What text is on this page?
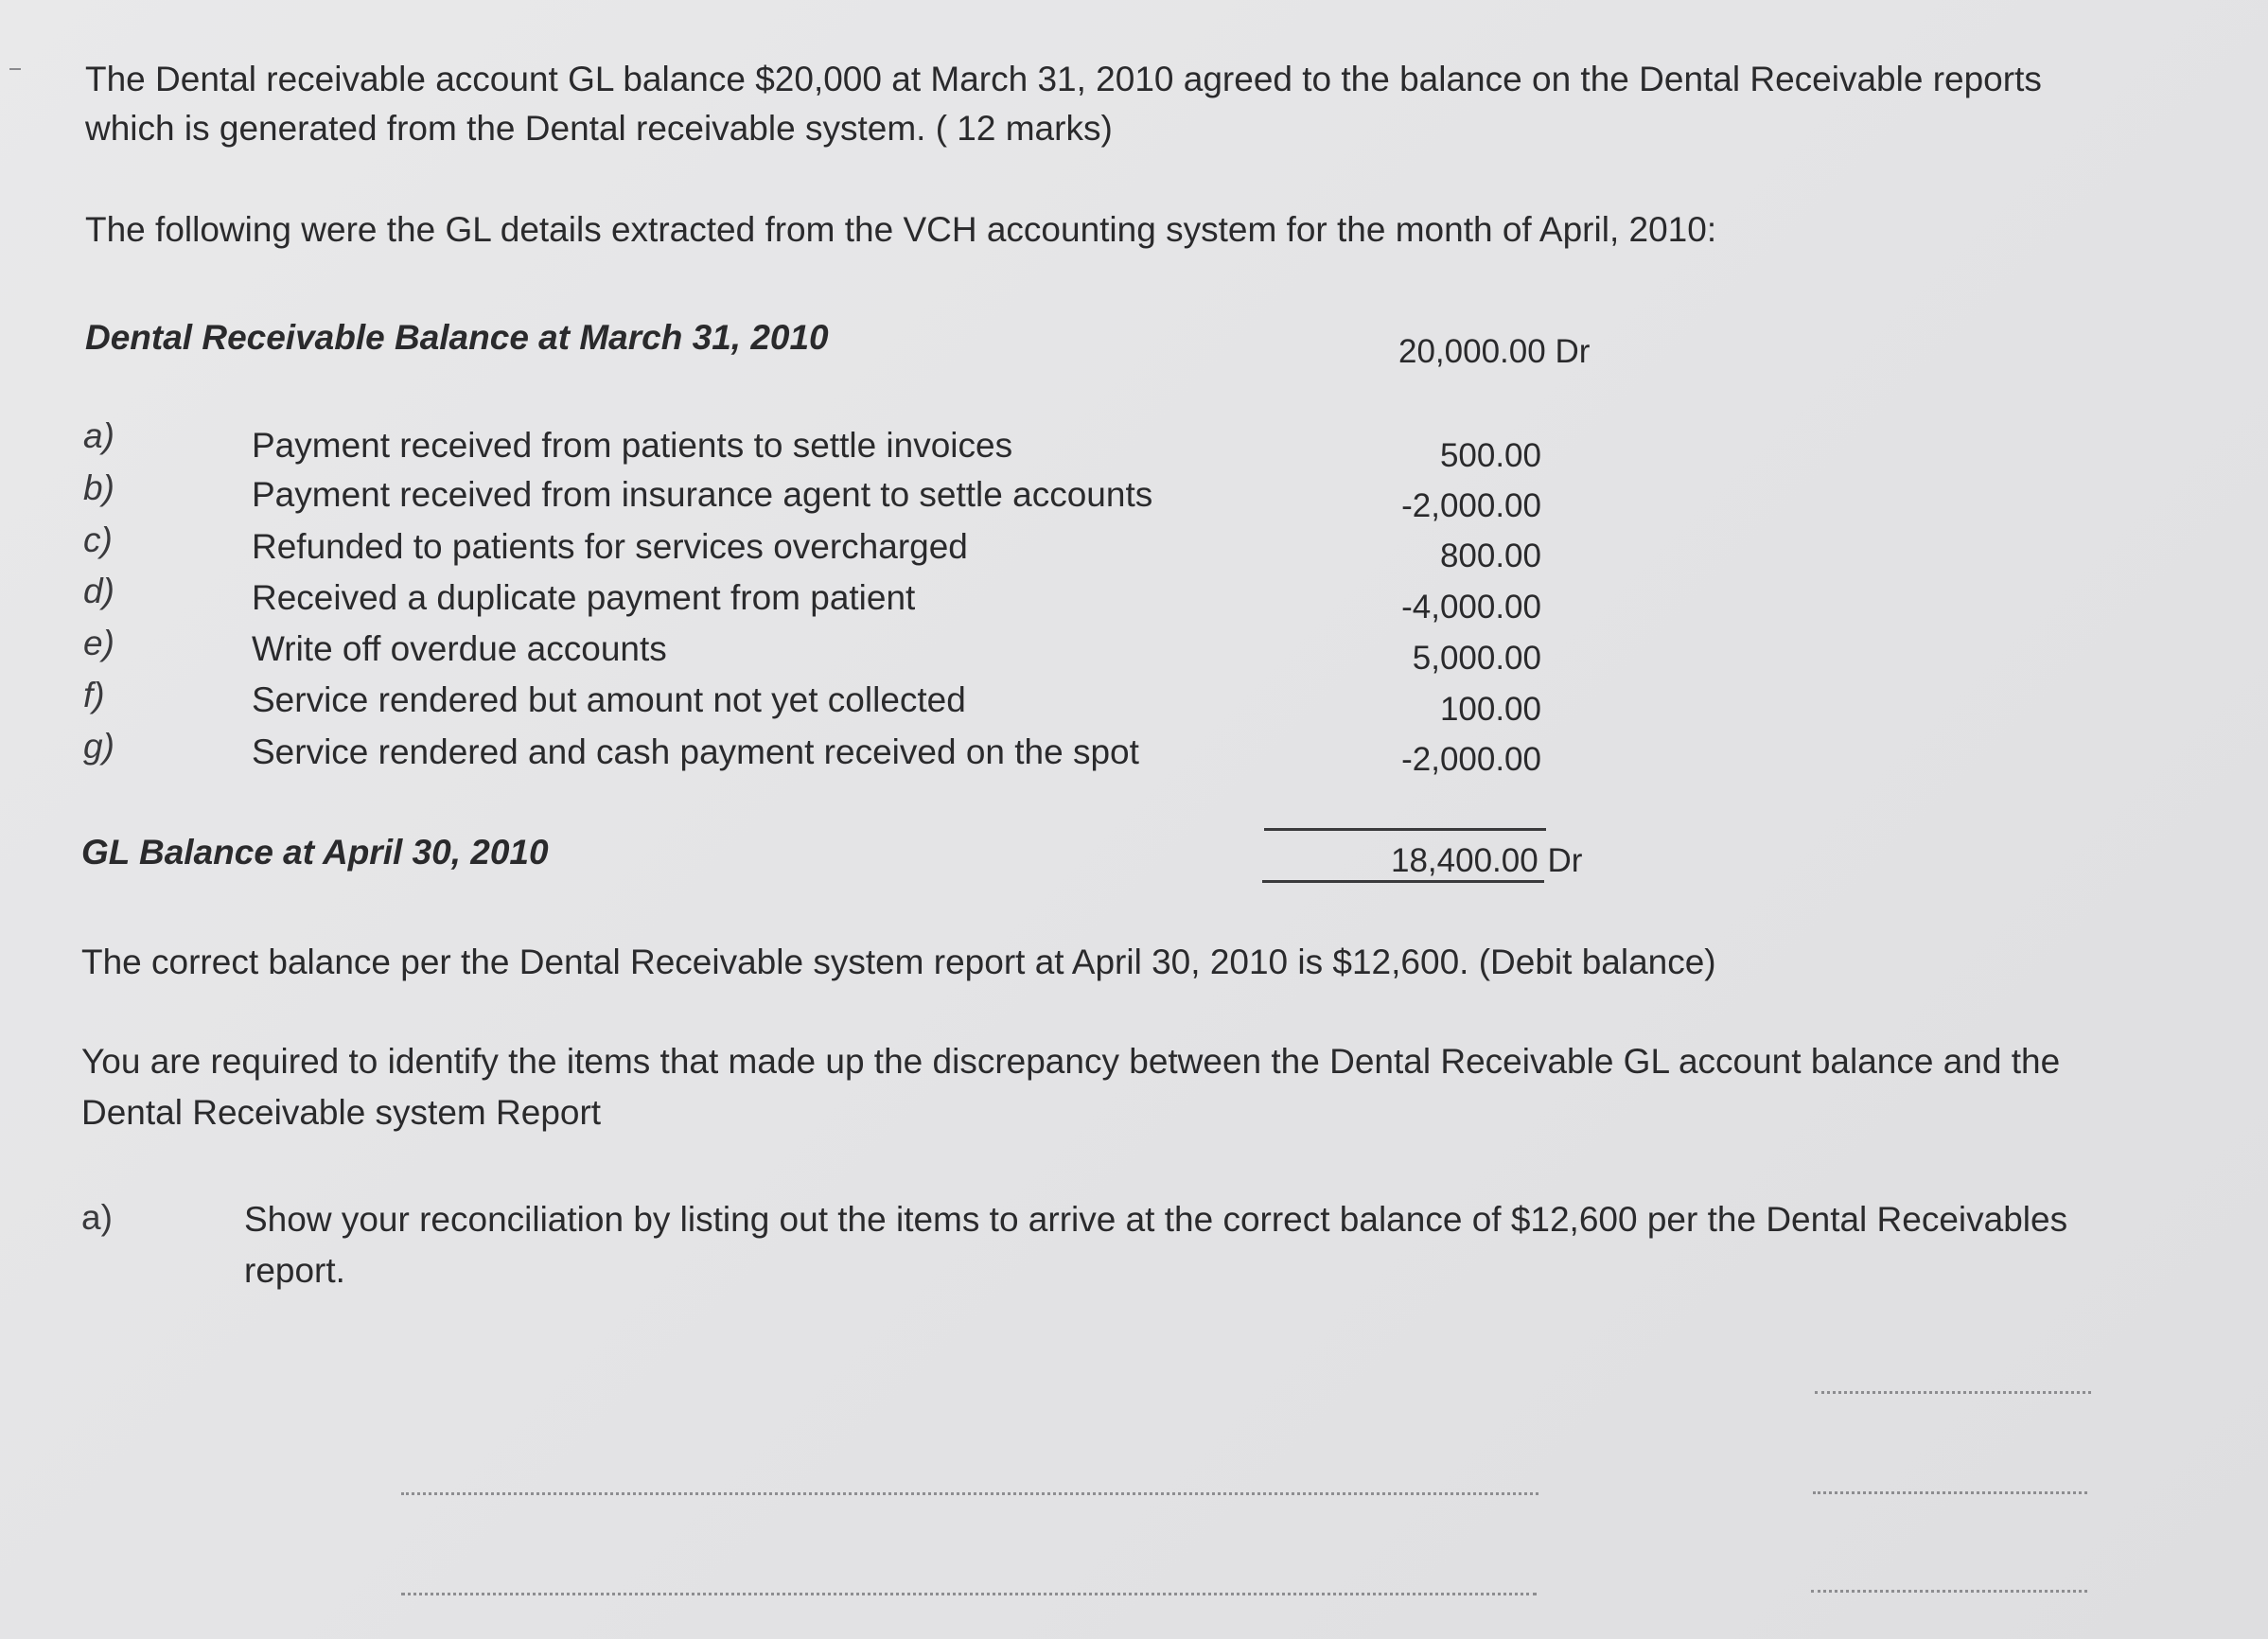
The Dental receivable account GL balance $20,000 at March 31, 2010 agreed to the balance on the Dental Receivable reports which is generated from the Dental receivable system. ( 12 marks)
The following were the GL details extracted from the VCH accounting system for the month of April, 2010:
Dental Receivable Balance at March 31, 2010	20,000.00 Dr
a)	Payment received from patients to settle invoices	500.00
b)	Payment received from insurance agent to settle accounts	-2,000.00
c)	Refunded to patients for services overcharged	800.00
d)	Received a duplicate payment from patient	-4,000.00
e)	Write off overdue accounts	5,000.00
f)	Service rendered but amount not yet collected	100.00
g)	Service rendered and cash payment received on the spot	-2,000.00
GL Balance at April 30, 2010	18,400.00 Dr
The correct balance per the Dental Receivable system report at April 30, 2010 is $12,600. (Debit balance)
You are required to identify the items that made up the discrepancy between the Dental Receivable GL account balance and the Dental Receivable system Report
a)	Show your reconciliation by listing out the items to arrive at the correct balance of $12,600 per the Dental Receivables report.
